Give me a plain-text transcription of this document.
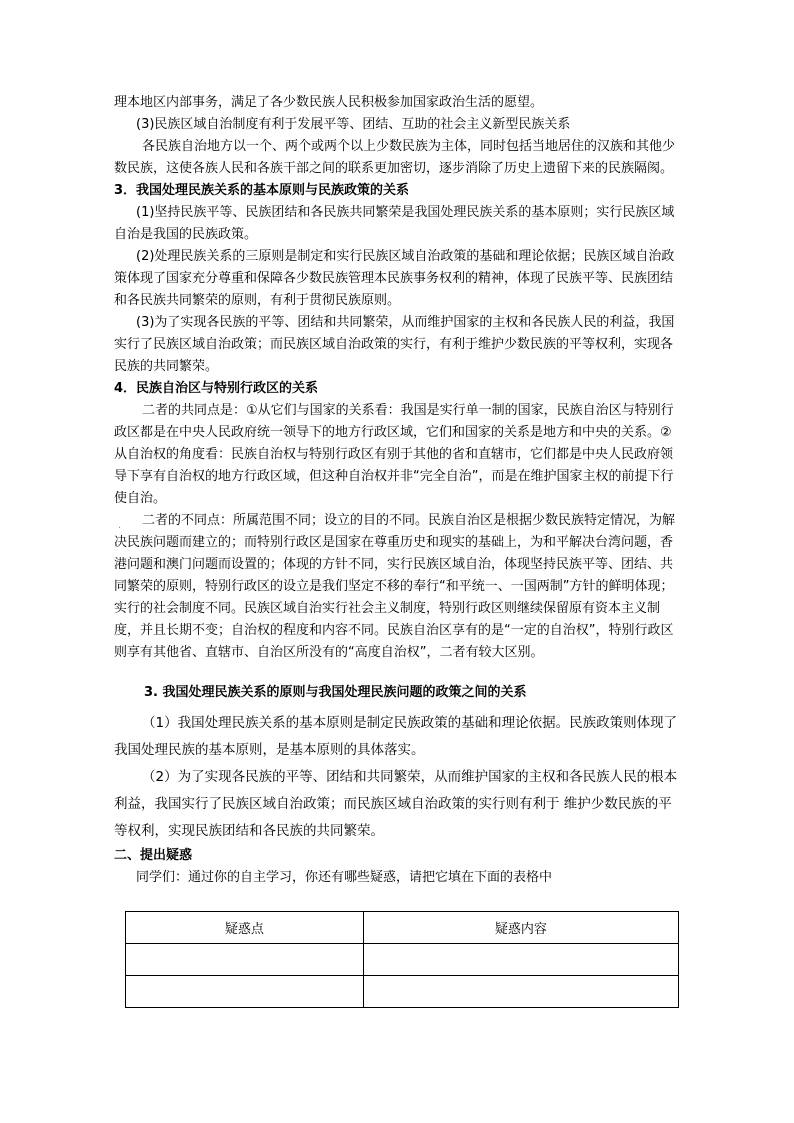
理本地区内部事务，满足了各少数民族人民积极参加国家政治生活的愿望。

(3)民族区域自治制度有利于发展平等、团结、互助的社会主义新型民族关系

各民族自治地方以一个、两个或两个以上少数民族为主体，同时包括当地居住的汉族和其他少数民族，这使各族人民和各族干部之间的联系更加密切，逐步消除了历史上遗留下来的民族隔阂。

3．我国处理民族关系的基本原则与民族政策的关系

(1)坚持民族平等、民族团结和各民族共同繁荣是我国处理民族关系的基本原则；实行民族区域自治是我国的民族政策。

(2)处理民族关系的三原则是制定和实行民族区域自治政策的基础和理论依据；民族区域自治政策体现了国家充分尊重和保障各少数民族管理本民族事务权利的精神，体现了民族平等、民族团结和各民族共同繁荣的原则，有利于贯彻民族原则。

(3)为了实现各民族的平等、团结和共同繁荣，从而维护国家的主权和各民族人民的利益，我国实行了民族区域自治政策；而民族区域自治政策的实行，有利于维护少数民族的平等权利，实现各民族的共同繁荣。

4．民族自治区与特别行政区的关系

二者的共同点是：①从它们与国家的关系看：我国是实行单一制的国家，民族自治区与特别行政区都是在中央人民政府统一领导下的地方行政区域，它们和国家的关系是地方和中央的关系。②从自治权的角度看：民族自治权与特别行政区有别于其他的省和直辖市，它们都是中央人民政府领导下享有自治权的地方行政区域，但这种自治权并非“完全自治”，而是在维护国家主权的前提下行使自治。

二者的不同点：所属范围不同；设立的目的不同。民族自治区是根据少数民族特定情况，为解决民族问题而建立的；而特别行政区是国家在尊重历史和现实的基础上，为和平解决台湾问题，香港问题和澳门问题而设置的；体现的方针不同，实行民族区域自治，体现坚持民族平等、团结、共同繁荣的原则，特别行政区的设立是我们坚定不移的奉行“和平统一、一国两制”方针的鲜明体现；实行的社会制度不同。民族区域自治实行社会主义制度，特别行政区则继续保留原有资本主义制度，并且长期不变；自治权的程度和内容不同。民族自治区享有的是“一定的自治权”，特别行政区则享有其他省、直辖市、自治区所没有的“高度自治权”，二者有较大区别。

3. 我国处理民族关系的原则与我国处理民族问题的政策之间的关系

（1）我国处理民族关系的基本原则是制定民族政策的基础和理论依据。民族政策则体现了我国处理民族的基本原则，是基本原则的具体落实。

（2）为了实现各民族的平等、团结和共同繁荣，从而维护国家的主权和各民族人民的根本利益，我国实行了民族区域自治政策；而民族区域自治政策的实行则有利于 维护少数民族的平等权利，实现民族团结和各民族的共同繁荣。

二、提出疑惑

同学们：通过你的自主学习，你还有哪些疑惑，请把它填在下面的表格中

.
疑惑点	疑惑内容
